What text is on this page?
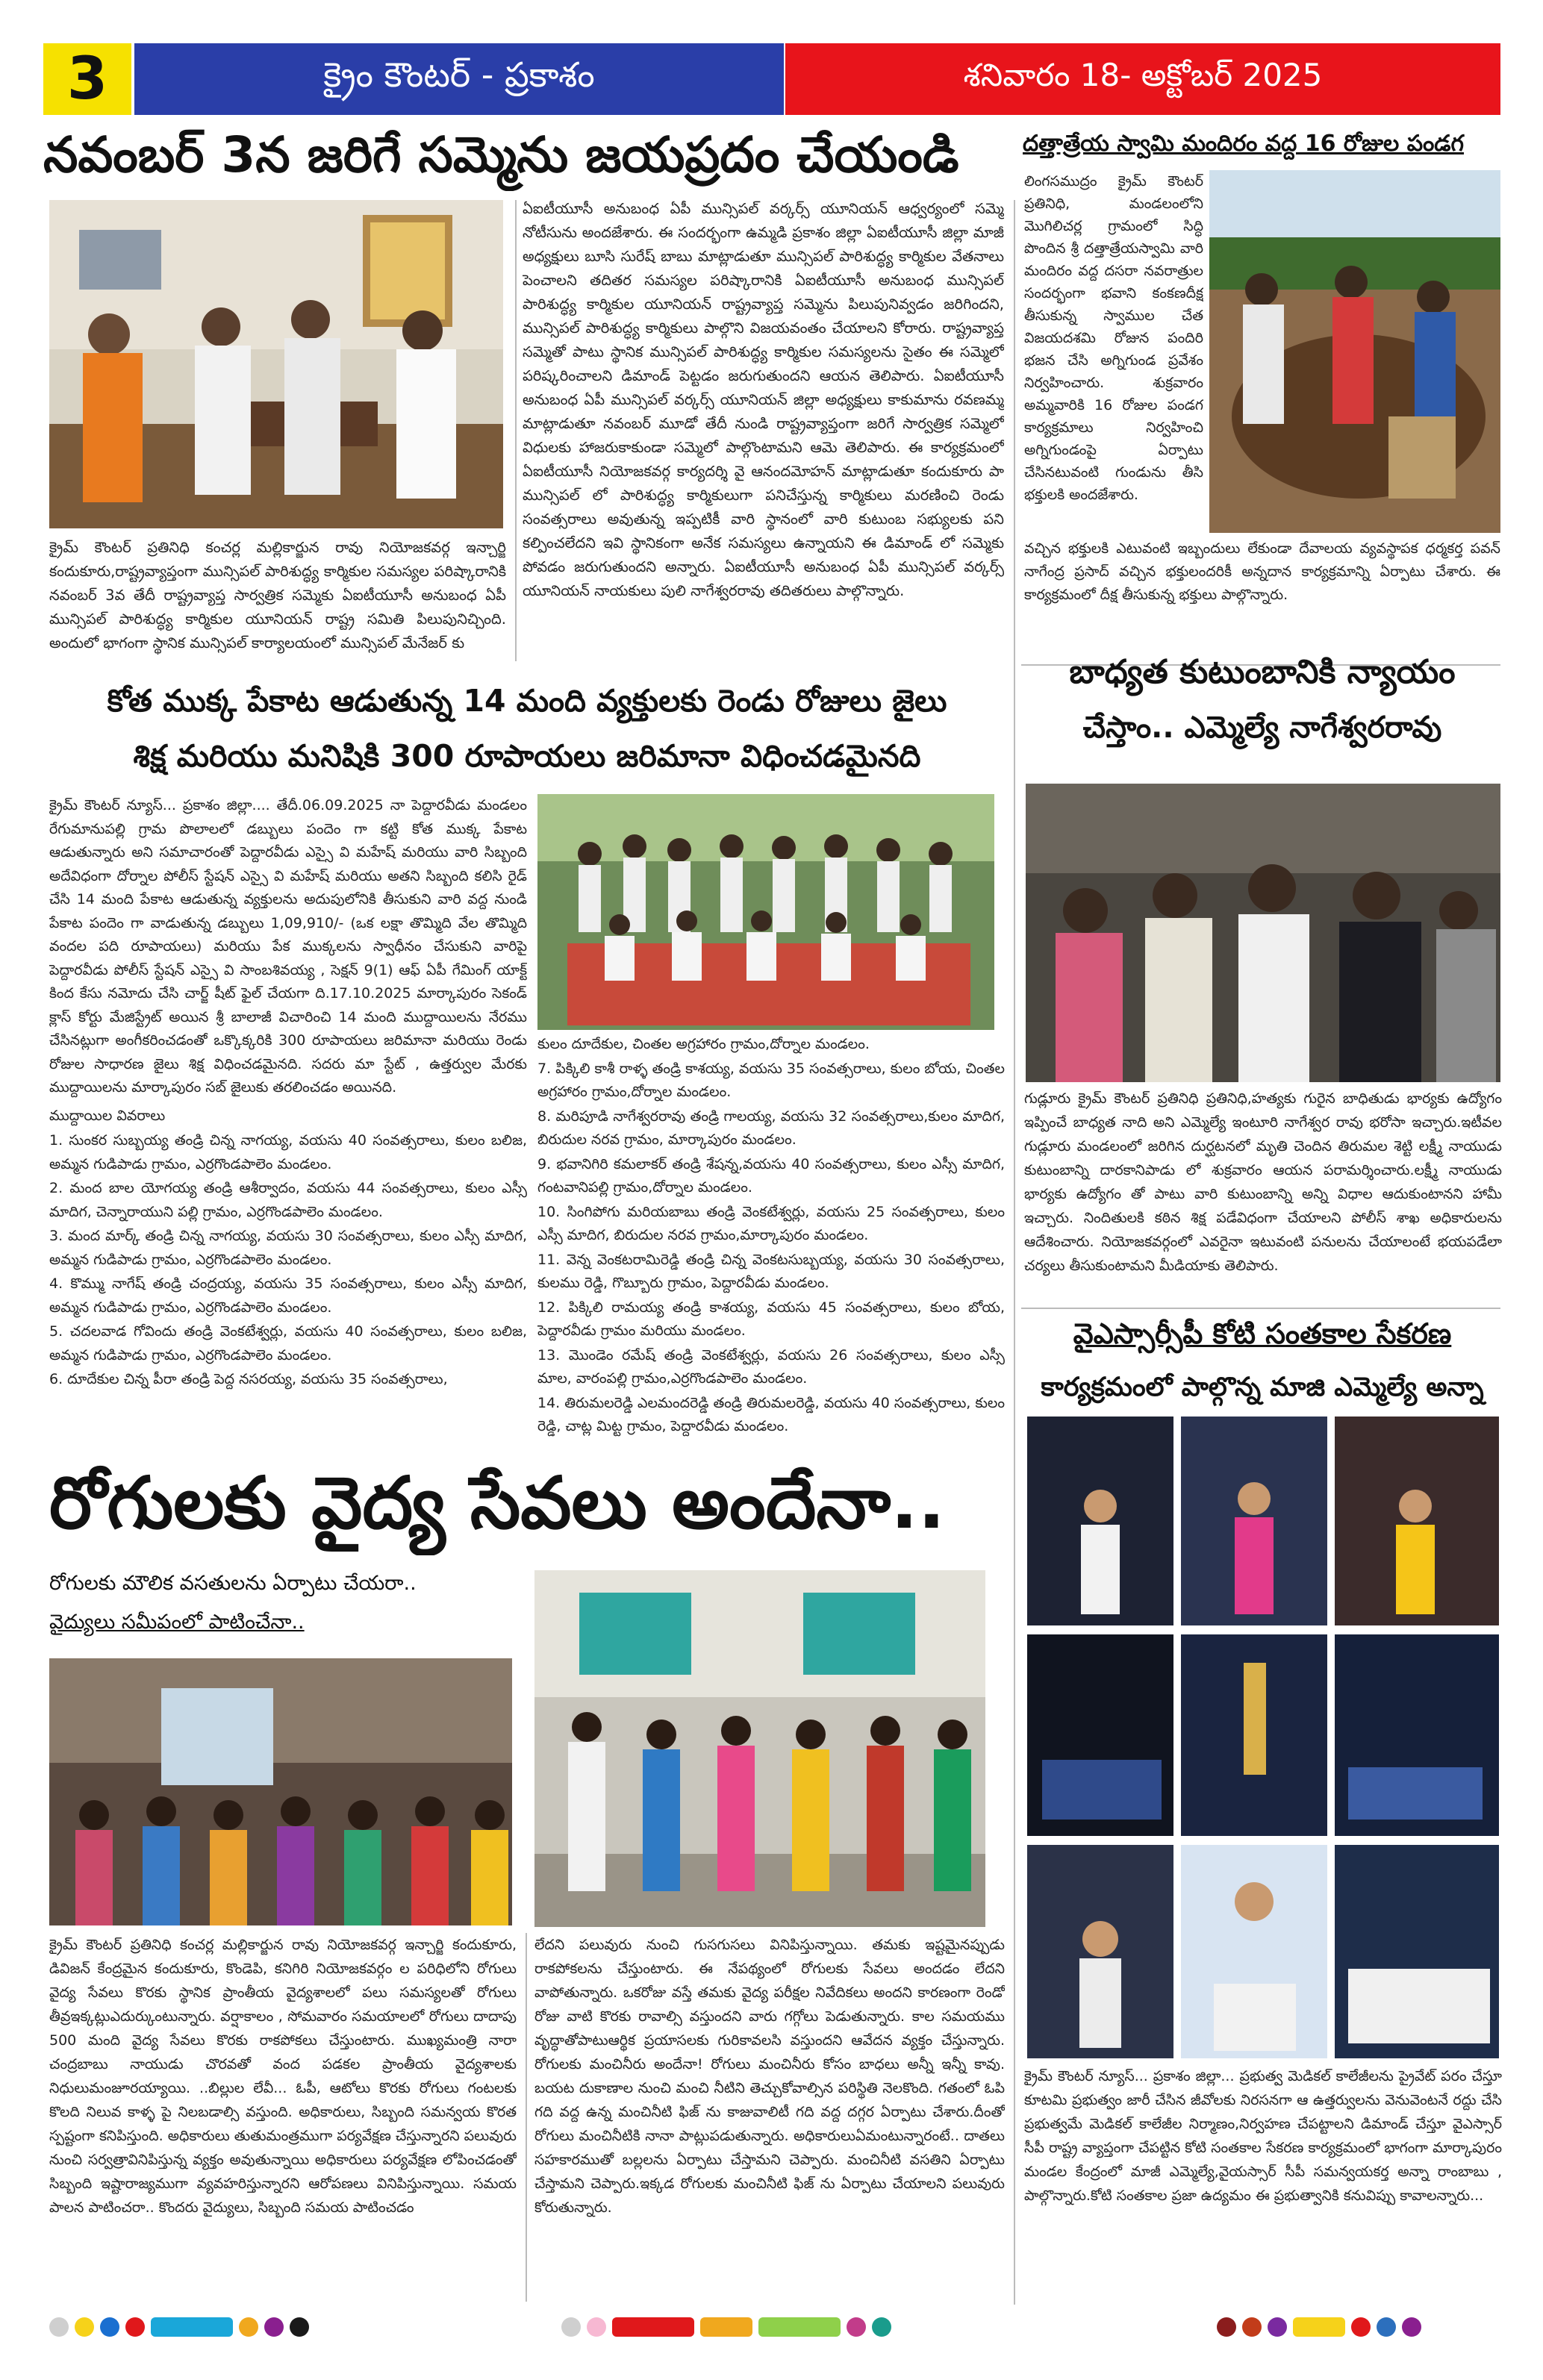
3	క్రైం కౌంటర్ - ప్రకాశం	శనివారం 18- అక్టోబర్ 2025
నవంబర్ 3న జరిగే సమ్మెను జయప్రదం చేయండి

క్రైమ్ కౌంటర్ ప్రతినిధి కంచర్ల మల్లికార్జున రావు నియోజకవర్గ ఇన్చార్జి కందుకూరు,రాష్ట్రవ్యాప్తంగా మున్సిపల్ పారిశుద్ధ్య కార్మికుల సమస్యల పరిష్కారానికి నవంబర్ 3వ తేదీ రాష్ట్రవ్యాప్త సార్వత్రిక సమ్మెకు ఏఐటీయూసీ అనుబంధ ఏపీ మున్సిపల్ పారిశుద్ధ్య కార్మికుల యూనియన్ రాష్ట్ర సమితి పిలుపునిచ్చింది. అందులో భాగంగా స్థానిక మున్సిపల్ కార్యాలయంలో మున్సిపల్ మేనేజర్ కు

ఏఐటీయూసీ అనుబంధ ఏపీ మున్సిపల్ వర్కర్స్ యూనియన్ ఆధ్వర్యంలో సమ్మె నోటీసును అందజేశారు. ఈ సందర్భంగా ఉమ్మడి ప్రకాశం జిల్లా ఏఐటీయూసీ జిల్లా మాజీ అధ్యక్షులు బూసి సురేష్ బాబు మాట్లాడుతూ మున్సిపల్ పారిశుద్ధ్య కార్మికుల వేతనాలు పెంచాలని తదితర సమస్యల పరిష్కారానికి ఏఐటీయూసీ అనుబంధ మున్సిపల్ పారిశుద్ధ్య కార్మికుల యూనియన్ రాష్ట్రవ్యాప్త సమ్మెను పిలుపునివ్వడం జరిగిందని, మున్సిపల్ పారిశుద్ధ్య కార్మికులు పాల్గొని విజయవంతం చేయాలని కోరారు. రాష్ట్రవ్యాప్త సమ్మెతో పాటు స్థానిక మున్సిపల్ పారిశుద్ధ్య కార్మికుల సమస్యలను సైతం ఈ సమ్మెలో పరిష్కరించాలని డిమాండ్ పెట్టడం జరుగుతుందని ఆయన తెలిపారు. ఏఐటీయూసీ అనుబంధ ఏపీ మున్సిపల్ వర్కర్స్ యూనియన్ జిల్లా అధ్యక్షులు కాకుమాను రవణమ్మ మాట్లాడుతూ నవంబర్ మూడో తేదీ నుండి రాష్ట్రవ్యాప్తంగా జరిగే సార్వత్రిక సమ్మెలో విధులకు హాజరుకాకుండా సమ్మెలో పాల్గొంటామని ఆమె తెలిపారు. ఈ కార్యక్రమంలో ఏఐటీయూసీ నియోజకవర్గ కార్యదర్శి వై ఆనందమోహన్ మాట్లాడుతూ కందుకూరు పా మున్సిపల్ లో పారిశుద్ధ్య కార్మికులుగా పనిచేస్తున్న కార్మికులు మరణించి రెండు సంవత్సరాలు అవుతున్న ఇప్పటికీ వారి స్థానంలో వారి కుటుంబ సభ్యులకు పని కల్పించలేదని ఇవి స్థానికంగా అనేక సమస్యలు ఉన్నాయని ఈ డిమాండ్ లో సమ్మెకు పోవడం జరుగుతుందని అన్నారు. ఏఐటీయూసీ అనుబంధ ఏపీ మున్సిపల్ వర్కర్స్ యూనియన్ నాయకులు పులి నాగేశ్వరరావు తదితరులు పాల్గొన్నారు.

దత్తాత్రేయ స్వామి మందిరం వద్ద 16 రోజుల పండగ

లింగసముద్రం క్రైమ్ కౌంటర్ ప్రతినిధి, మండలంలోని మొగిలిచర్ల గ్రామంలో సిద్ధి పొందిన శ్రీ దత్తాత్రేయస్వామి వారి మందిరం వద్ద దసరా నవరాత్రుల సందర్భంగా భవాని కంకణదీక్ష తీసుకున్న స్వాముల చేత విజయదశమి రోజున పందిరి భజన చేసి అగ్నిగుండ ప్రవేశం నిర్వహించారు. శుక్రవారం అమ్మవారికి 16 రోజుల పండగ కార్యక్రమాలు నిర్వహించి అగ్నిగుండంపై ఏర్పాటు చేసినటువంటి గుండును తీసి భక్తులకి అందజేశారు.

వచ్చిన భక్తులకి ఎటువంటి ఇబ్బందులు లేకుండా దేవాలయ వ్యవస్థాపక ధర్మకర్త పవన్ నాగేంద్ర ప్రసాద్ వచ్చిన భక్తులందరికీ అన్నదాన కార్యక్రమాన్ని ఏర్పాటు చేశారు. ఈ కార్యక్రమంలో దీక్ష తీసుకున్న భక్తులు పాల్గొన్నారు.

కోత ముక్క పేకాట ఆడుతున్న 14 మంది వ్యక్తులకు రెండు రోజులు జైలు
శిక్ష మరియు మనిషికి 300 రూపాయలు జరిమానా విధించడమైనది

క్రైమ్ కౌంటర్ న్యూస్... ప్రకాశం జిల్లా.... తేదీ.06.09.2025 నా పెద్దారవీడు మండలం రేగుమానుపల్లి గ్రామ పొలాలలో డబ్బులు పందెం గా కట్టి కోత ముక్క పేకాట ఆడుతున్నారు అని సమాచారంతో పెద్దారవీడు ఎస్సై వి మహేష్ మరియు వారి సిబ్బంది అదేవిధంగా దోర్నాల పోలీస్ స్టేషన్ ఎస్సై వి మహేష్ మరియు అతని సిబ్బంది కలిసి రైడ్ చేసి 14 మంది పేకాట ఆడుతున్న వ్యక్తులను అదుపులోనికి తీసుకుని వారి వద్ద నుండి పేకాట పందెం గా వాడుతున్న డబ్బులు 1,09,910/- (ఒక లక్షా తొమ్మిది వేల తొమ్మిది వందల పది రూపాయలు) మరియు పేక ముక్కలను స్వాధీనం చేసుకుని వారిపై పెద్దారవీడు పోలీస్ స్టేషన్ ఎస్సై వి సాంబశివయ్య , సెక్షన్ 9(1) ఆఫ్ ఏపీ గేమింగ్ యాక్ట్ కింద కేసు నమోదు చేసి చార్జ్ షీట్ ఫైల్ చేయగా ది.17.10.2025 మార్కాపురం సెకండ్ క్లాస్ కోర్టు మేజిస్ట్రేట్ అయిన శ్రీ బాలాజీ విచారించి 14 మంది ముద్దాయిలను నేరము చేసినట్లుగా అంగీకరించడంతో ఒక్కొక్కరికి 300 రూపాయలు జరిమానా మరియు రెండు రోజుల సాధారణ జైలు శిక్ష విధించడమైనది. సదరు మా స్టేట్ , ఉత్తర్వుల మేరకు ముద్దాయిలను మార్కాపురం సబ్ జైలుకు తరలించడం అయినది.

ముద్దాయిల వివరాలు

1. సుంకర సుబ్బయ్య తండ్రి చిన్న నాగయ్య, వయసు 40 సంవత్సరాలు, కులం బలిజ, అమ్మన గుడిపాడు గ్రామం, ఎర్రగొండపాలెం మండలం.
2. మంద బాల యోగయ్య తండ్రి ఆశీర్వాదం, వయసు 44 సంవత్సరాలు, కులం ఎస్సీ మాదిగ, చెన్నారాయుని పల్లి గ్రామం, ఎర్రగొండపాలెం మండలం.
3. మంద మార్క్ తండ్రి చిన్న నాగయ్య, వయసు 30 సంవత్సరాలు, కులం ఎస్సీ మాదిగ, అమ్మన గుడిపాడు గ్రామం, ఎర్రగొండపాలెం మండలం.
4. కొమ్ము నాగేష్ తండ్రి చంద్రయ్య, వయసు 35 సంవత్సరాలు, కులం ఎస్సీ మాదిగ, అమ్మన గుడిపాడు గ్రామం, ఎర్రగొండపాలెం మండలం.
5. చదలవాడ గోవిందు తండ్రి వెంకటేశ్వర్లు, వయసు 40 సంవత్సరాలు, కులం బలిజ, అమ్మన గుడిపాడు గ్రామం, ఎర్రగొండపాలెం మండలం.
6. దూదేకుల చిన్న పీరా తండ్రి పెద్ద నసరయ్య, వయసు 35 సంవత్సరాలు,
కులం దూదేకుల, చింతల అగ్రహారం గ్రామం,దోర్నాల మండలం.
7. పిక్కిలి కాశీ రాళ్ళ తండ్రి కాశయ్య, వయసు 35 సంవత్సరాలు, కులం బోయ, చింతల అగ్రహారం గ్రామం,దోర్నాల మండలం.
8. మరిపూడి నాగేశ్వరరావు తండ్రి గాలయ్య, వయసు 32 సంవత్సరాలు,కులం మాదిగ, బిరుదుల నరవ గ్రామం, మార్కాపురం మండలం.
9. భవానిగిరి కమలాకర్ తండ్రి శేషన్న,వయసు 40 సంవత్సరాలు, కులం ఎస్సీ మాదిగ, గంటవానిపల్లి గ్రామం,దోర్నాల మండలం.
10. సింగిపోగు మరియబాబు తండ్రి వెంకటేశ్వర్లు, వయసు 25 సంవత్సరాలు, కులం ఎస్సీ మాదిగ, బిరుదుల నరవ గ్రామం,మార్కాపురం మండలం.
11. వెన్న వెంకటరామిరెడ్డి తండ్రి చిన్న వెంకటసుబ్బయ్య, వయసు 30 సంవత్సరాలు, కులము రెడ్డి, గొబ్బూరు గ్రామం, పెద్దారవీడు మండలం.
12. పిక్కిలి రామయ్య తండ్రి కాశయ్య, వయసు 45 సంవత్సరాలు, కులం బోయ, పెద్దారవీడు గ్రామం మరియు మండలం.
13. మొండెం రమేష్ తండ్రి వెంకటేశ్వర్లు, వయసు 26 సంవత్సరాలు, కులం ఎస్సీ మాల, వారంపల్లి గ్రామం,ఎర్రగొండపాలెం మండలం.
14. తిరుమలరెడ్డి ఎలమందరెడ్డి తండ్రి తిరుమలరెడ్డి, వయసు 40 సంవత్సరాలు, కులం రెడ్డి, చాట్ల మిట్ట గ్రామం, పెద్దారవీడు మండలం.
బాధ్యత కుటుంబానికి న్యాయం
చేస్తాం.. ఎమ్మెల్యే నాగేశ్వరరావు

గుడ్లూరు క్రైమ్ కౌంటర్ ప్రతినిధి ప్రతినిధి,హత్యకు గురైన బాధితుడు భార్యకు ఉద్యోగం ఇప్పించే బాధ్యత నాది అని ఎమ్మెల్యే ఇంటూరి నాగేశ్వర రావు భరోసా ఇచ్చారు.ఇటీవల గుడ్లూరు మండలంలో జరిగిన దుర్ఘటనలో మృతి చెందిన తిరుమల శెట్టి లక్ష్మీ నాయుడు కుటుంబాన్ని దారకానిపాడు లో శుక్రవారం ఆయన పరామర్శించారు.లక్ష్మీ నాయుడు భార్యకు ఉద్యోగం తో పాటు వారి కుటుంబాన్ని అన్ని విధాల ఆదుకుంటానని హామీ ఇచ్చారు. నిందితులకి కఠిన శిక్ష పడేవిధంగా చేయాలని పోలీస్ శాఖ అధికారులను ఆదేశించారు. నియోజకవర్గంలో ఎవరైనా ఇటువంటి పనులను చేయాలంటే భయపడేలా చర్యలు తీసుకుంటామని మీడియాకు తెలిపారు.

వైఎస్సార్సీపీ కోటి సంతకాల సేకరణ
కార్యక్రమంలో పాల్గొన్న మాజి ఎమ్మెల్యే అన్నా

క్రైమ్ కౌంటర్ న్యూస్... ప్రకాశం జిల్లా... ప్రభుత్వ మెడికల్ కాలేజీలను ప్రైవేట్ పరం చేస్తూ కూటమి ప్రభుత్వం జారీ చేసిన జీవోలకు నిరసనగా ఆ ఉత్తర్వులను వెనువెంటనే రద్దు చేసి ప్రభుత్వమే మెడికల్ కాలేజీల నిర్మాణం,నిర్వహణ చేపట్టాలని డిమాండ్ చేస్తూ వైఎస్సార్ సీపీ రాష్ట్ర వ్యాప్తంగా చేపట్టిన కోటి సంతకాల సేకరణ కార్యక్రమంలో భాగంగా మార్కాపురం మండల కేంద్రంలో మాజీ ఎమ్మెల్యే,వైయస్సార్ సీపీ సమన్వయకర్త అన్నా రాంబాబు , పాల్గొన్నారు.కోటి సంతకాల ప్రజా ఉద్యమం ఈ ప్రభుత్వానికి కనువిప్పు కావాలన్నారు...

రోగులకు వైద్య సేవలు అందేనా..
రోగులకు మౌలిక వసతులను ఏర్పాటు చేయరా..
వైద్యులు సమీపంలో పాటించేనా..

క్రైమ్ కౌంటర్ ప్రతినిధి కంచర్ల మల్లికార్జున రావు నియోజకవర్గ ఇన్చార్జి కందుకూరు, డివిజన్ కేంద్రమైన కందుకూరు, కొండెపి, కనిగిరి నియోజకవర్గం ల పరిధిలోని రోగులు వైద్య సేవలు కొరకు స్థానిక ప్రాంతీయ వైద్యశాలలో పలు సమస్యలతో రోగులు తీవ్రఇక్కట్లుఎదుర్కుంటున్నారు. వర్షాకాలం , సోమవారం సమయాలలో రోగులు దాదాపు 500 మంది వైద్య సేవలు కొరకు రాకపోకలు చేస్తుంటారు. ముఖ్యమంత్రి నారా చంద్రబాబు నాయుడు చొరవతో వంద పడకల ప్రాంతీయ వైద్యశాలకు నిధులుమంజూరయ్యాయి. ..బిల్లుల లేవీ... ఓపీ, ఆటోలు కొరకు రోగులు గంటలకు కొలది నిలువ కాళ్ళ పై నిలబడాల్సి వస్తుంది. అధికారులు, సిబ్బంది సమన్వయ కొరత స్పష్టంగా కనిపిస్తుంది. అధికారులు తుతుమంత్రముగా పర్యవేక్షణ చేస్తున్నారని పలువురు నుంచి సర్వత్రావినిపిస్తున్న వ్యక్తం అవుతున్నాయి అధికారులు పర్యవేక్షణ లోపించడంతో సిబ్బంది ఇష్టారాజ్యముగా వ్యవహరిస్తున్నారని ఆరోపణలు వినిపిస్తున్నాయి. సమయ పాలన పాటించరా.. కొందరు వైద్యులు, సిబ్బంది సమయ పాటించడం

లేదని పలువురు నుంచి గుసగుసలు వినిపిస్తున్నాయి. తమకు ఇష్టమైనప్పుడు రాకపోకలను చేస్తుంటారు. ఈ నేపథ్యంలో రోగులకు సేవలు అందడం లేదని వాపోతున్నారు. ఒకరోజు వస్తే తమకు వైద్య పరీక్షల నివేదికలు అందని కారణంగా రెండో రోజు వాటి కొరకు రావాల్సి వస్తుందని వారు గగ్గోలు పెడుతున్నారు. కాల సమయము వృద్ధాతోపాటుఆర్థిక ప్రయాసలకు గురికావలసి వస్తుందని ఆవేదన వ్యక్తం చేస్తున్నారు. రోగులకు మంచినీరు అందేనా! రోగులు మంచినీరు కోసం బాధలు అన్నీ ఇన్నీ కావు. బయట దుకాణాల నుంచి మంచి నీటిని తెచ్చుకోవాల్సిన పరిస్థితి నెలకొంది. గతంలో ఓపి గది వద్ద ఉన్న మంచినీటి ఫిజ్ ను కాజువాలిటీ గది వద్ద దగ్గర ఏర్పాటు చేశారు.దీంతో రోగులు మంచినీటికి నానా పాట్లుపడుతున్నారు. అధికారులుఏమంటున్నారంటే.. దాతలు సహకారముతో బల్లలను ఏర్పాటు చేస్తామని చెప్పారు. మంచినీటి వసతిని ఏర్పాటు చేస్తామని చెప్పారు.ఇక్కడ రోగులకు మంచినీటి ఫిజ్ ను ఏర్పాటు చేయాలని పలువురు కోరుతున్నారు.
